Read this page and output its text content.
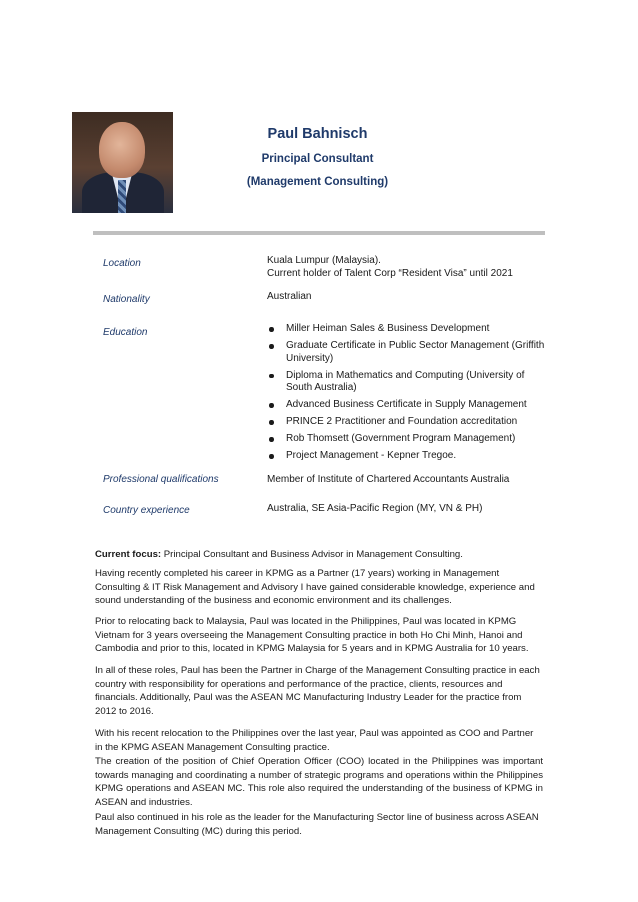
Paul Bahnisch
Principal Consultant
(Management Consulting)
Location	Kuala Lumpur (Malaysia).
Current holder of Talent Corp “Resident Visa” until 2021
Nationality	Australian
Education	Miller Heiman Sales & Business Development
Graduate Certificate in Public Sector Management (Griffith University)
Diploma in Mathematics and Computing (University of South Australia)
Advanced Business Certificate in Supply Management
PRINCE 2 Practitioner and Foundation accreditation
Rob Thomsett (Government Program Management)
Project Management - Kepner Tregoe.
Professional qualifications	Member of Institute of Chartered Accountants Australia
Country experience	Australia, SE Asia-Pacific Region (MY, VN & PH)

Current focus: Principal Consultant and Business Advisor in Management Consulting.

Having recently completed his career in KPMG as a Partner (17 years) working in Management Consulting & IT Risk Management and Advisory I have gained considerable knowledge, experience and sound understanding of the business and economic environment and its challenges.
Prior to relocating back to Malaysia, Paul was located in the Philippines, Paul was located in KPMG Vietnam for 3 years overseeing the Management Consulting practice in both Ho Chi Minh, Hanoi and Cambodia and prior to this, located in KPMG Malaysia for 5 years and in KPMG Australia for 10 years.
In all of these roles, Paul has been the Partner in Charge of the Management Consulting practice in each country with responsibility for operations and performance of the practice, clients, resources and financials. Additionally, Paul was the ASEAN MC Manufacturing Industry Leader for the practice from 2012 to 2016.
With his recent relocation to the Philippines over the last year, Paul was appointed as COO and Partner in the KPMG ASEAN Management Consulting practice.
The creation of the position of Chief Operation Officer (COO) located in the Philippines was important towards managing and coordinating a number of strategic programs and operations within the Philippines KPMG operations and ASEAN MC. This role also required the understanding of the business of KPMG in ASEAN and industries.
Paul also continued in his role as the leader for the Manufacturing Sector line of business across ASEAN Management Consulting (MC) during this period.
